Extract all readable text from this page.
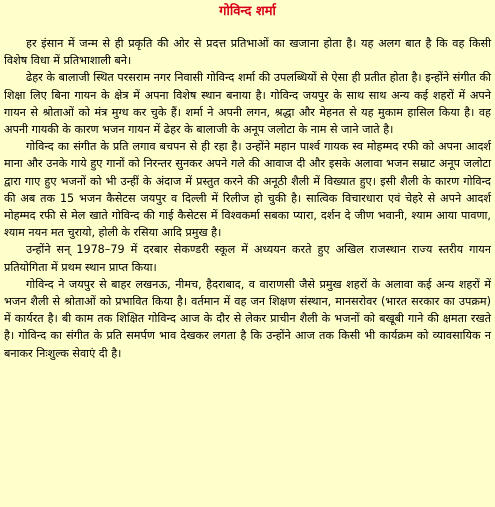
गोविन्द शर्मा

हर इंसान में जन्म से ही प्रकृति की ओर से प्रदत्त प्रतिभाओं का खजाना होता है। यह अलग बात है कि वह किसी विशेष विधा में प्रतिभाशाली बने।

ढेहर के बालाजी स्थित परसराम नगर निवासी गोविन्द शर्मा की उपलब्धियों से ऐसा ही प्रतीत होता है। इन्होंने संगीत की शिक्षा लिए बिना गायन के क्षेत्र में अपना विशेष स्थान बनाया है। गोविन्द जयपुर के साथ साथ अन्य कई शहरों में अपने गायन से श्रोताओं को मंत्र मुग्ध कर चुके हैं। शर्मा ने अपनी लगन, श्रद्धा और मेहनत से यह मुकाम हासिल किया है। वह अपनी गायकी के कारण भजन गायन में ढेहर के बालाजी के अनूप जलोटा के नाम से जाने जाते है।

गोविन्द का संगीत के प्रति लगाव बचपन से ही रहा है। उन्होंने महान पार्श्व गायक स्व मोहम्मद रफी को अपना आदर्श माना और उनके गाये हुए गानों को निरन्तर सुनकर अपने गले की आवाज दी और इसके अलावा भजन सम्राट अनूप जलोटा द्वारा गाए हुए भजनों को भी उन्हीं के अंदाज में प्रस्तुत करने की अनूठी शैली में विख्यात हुए। इसी शैली के कारण गोविन्द की अब तक 15 भजन कैसेटस जयपुर व दिल्ली में रिलीज हो चुकी है। सात्विक विचारधारा एवं चेहरे से अपने आदर्श मोहम्मद रफी से मेल खाते गोविन्द की गाई कैसेटस में विश्वकर्मा सबका प्यारा, दर्शन दे जीण भवानी, श्याम आया पावणा, श्याम नयन मत चुरायो, होली के रसिया आदि प्रमुख है।

उन्होंने सन् 1978–79 में दरबार सेकण्डरी स्कूल में अध्ययन करते हुए अखिल राजस्थान राज्य स्तरीय गायन प्रतियोगिता में प्रथम स्थान प्राप्त किया।

गोविन्द ने जयपुर से बाहर लखनऊ, नीमच, हैदराबाद, व वाराणसी जैसे प्रमुख शहरों के अलावा कई अन्य शहरों में भजन शैली से श्रोताओं को प्रभावित किया है। वर्तमान में वह जन शिक्षण संस्थान, मानसरोवर (भारत सरकार का उपक्रम) में कार्यरत है। बी काम तक शिक्षित गोविन्द आज के दौर से लेकर प्राचीन शैली के भजनों को बखूबी गाने की क्षमता रखते है। गोविन्द का संगीत के प्रति समर्पण भाव देखकर लगता है कि उन्होंने आज तक किसी भी कार्यक्रम को व्यावसायिक न बनाकर निःशुल्क सेवाएं दी है।
